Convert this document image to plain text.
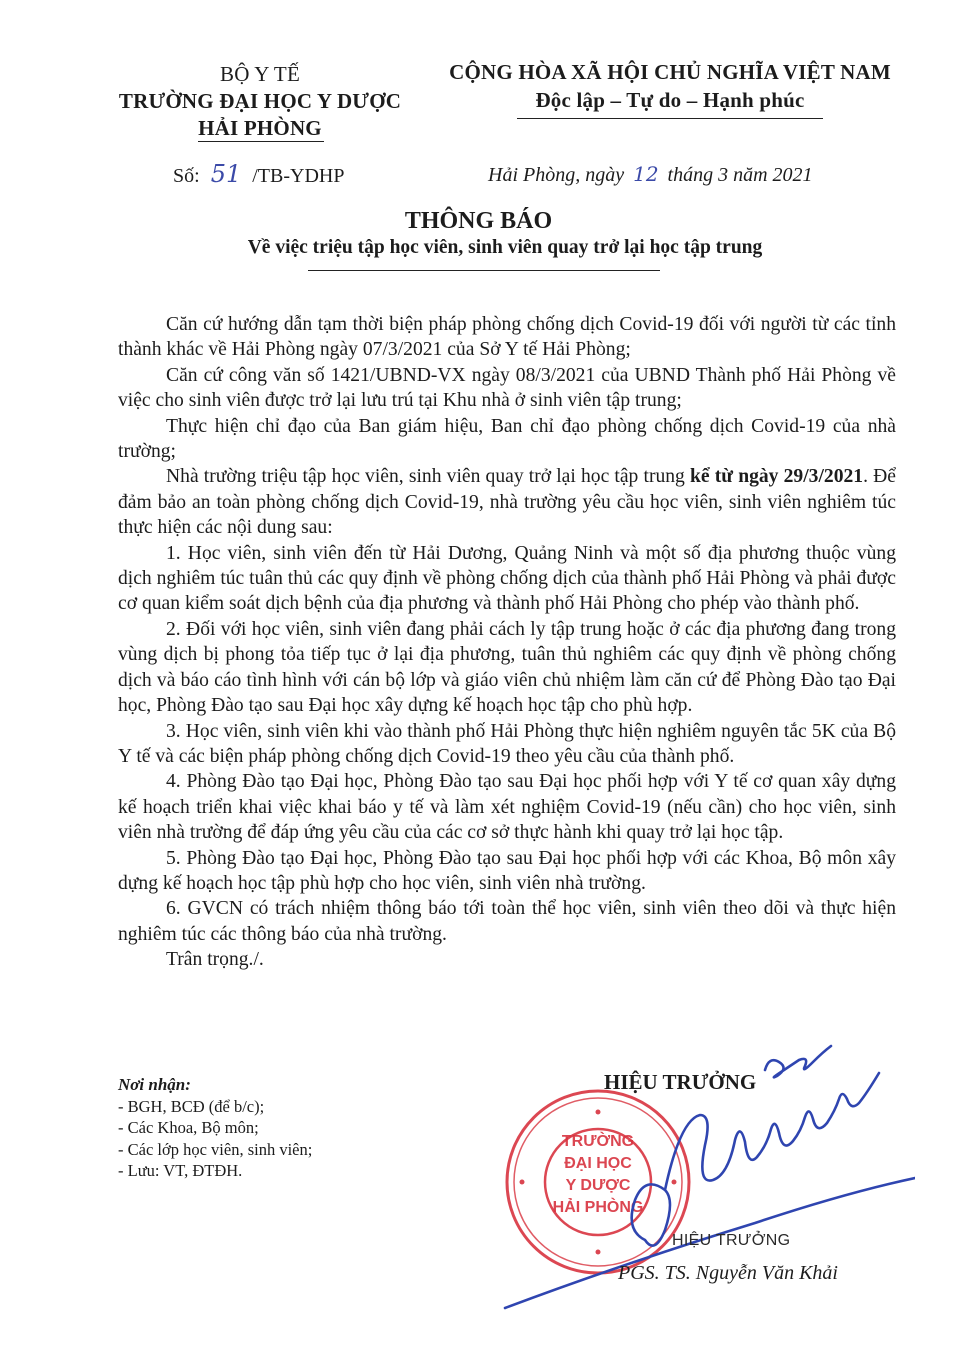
BỘ Y TẾ
TRƯỜNG ĐẠI HỌC Y DƯỢC
HẢI PHÒNG
CỘNG HÒA XÃ HỘI CHỦ NGHĨA VIỆT NAM
Độc lập – Tự do – Hạnh phúc
Số: 51 /TB-YDHP	Hải Phòng, ngày 12 tháng 3 năm 2021
THÔNG BÁO
Về việc triệu tập học viên, sinh viên quay trở lại học tập trung

Căn cứ hướng dẫn tạm thời biện pháp phòng chống dịch Covid-19 đối với người từ các tỉnh thành khác về Hải Phòng ngày 07/3/2021 của Sở Y tế Hải Phòng;

Căn cứ công văn số 1421/UBND-VX ngày 08/3/2021 của UBND Thành phố Hải Phòng về việc cho sinh viên được trở lại lưu trú tại Khu nhà ở sinh viên tập trung;

Thực hiện chỉ đạo của Ban giám hiệu, Ban chỉ đạo phòng chống dịch Covid-19 của nhà trường;

Nhà trường triệu tập học viên, sinh viên quay trở lại học tập trung kể từ ngày 29/3/2021. Để đảm bảo an toàn phòng chống dịch Covid-19, nhà trường yêu cầu học viên, sinh viên nghiêm túc thực hiện các nội dung sau:

1. Học viên, sinh viên đến từ Hải Dương, Quảng Ninh và một số địa phương thuộc vùng dịch nghiêm túc tuân thủ các quy định về phòng chống dịch của thành phố Hải Phòng và phải được cơ quan kiểm soát dịch bệnh của địa phương và thành phố Hải Phòng cho phép vào thành phố.

2. Đối với học viên, sinh viên đang phải cách ly tập trung hoặc ở các địa phương đang trong vùng dịch bị phong tỏa tiếp tục ở lại địa phương, tuân thủ nghiêm các quy định về phòng chống dịch và báo cáo tình hình với cán bộ lớp và giáo viên chủ nhiệm làm căn cứ để Phòng Đào tạo Đại học, Phòng Đào tạo sau Đại học xây dựng kế hoạch học tập cho phù hợp.

3. Học viên, sinh viên khi vào thành phố Hải Phòng thực hiện nghiêm nguyên tắc 5K của Bộ Y tế và các biện pháp phòng chống dịch Covid-19 theo yêu cầu của thành phố.

4. Phòng Đào tạo Đại học, Phòng Đào tạo sau Đại học phối hợp với Y tế cơ quan xây dựng kế hoạch triển khai việc khai báo y tế và làm xét nghiệm Covid-19 (nếu cần) cho học viên, sinh viên nhà trường để đáp ứng yêu cầu của các cơ sở thực hành khi quay trở lại học tập.

5. Phòng Đào tạo Đại học, Phòng Đào tạo sau Đại học phối hợp với các Khoa, Bộ môn xây dựng kế hoạch học tập phù hợp cho học viên, sinh viên nhà trường.

6. GVCN có trách nhiệm thông báo tới toàn thể học viên, sinh viên theo dõi và thực hiện nghiêm túc các thông báo của nhà trường.

Trân trọng./.

Nơi nhận:
- BGH, BCĐ (để b/c);
- Các Khoa, Bộ môn;
- Các lớp học viên, sinh viên;
- Lưu: VT, ĐTĐH.
HIỆU TRƯỞNG
TRƯỜNG
ĐẠI HỌC
Y DƯỢC
HẢI PHÒNG
HIỆU TRƯỞNG
PGS. TS. Nguyễn Văn Khải
